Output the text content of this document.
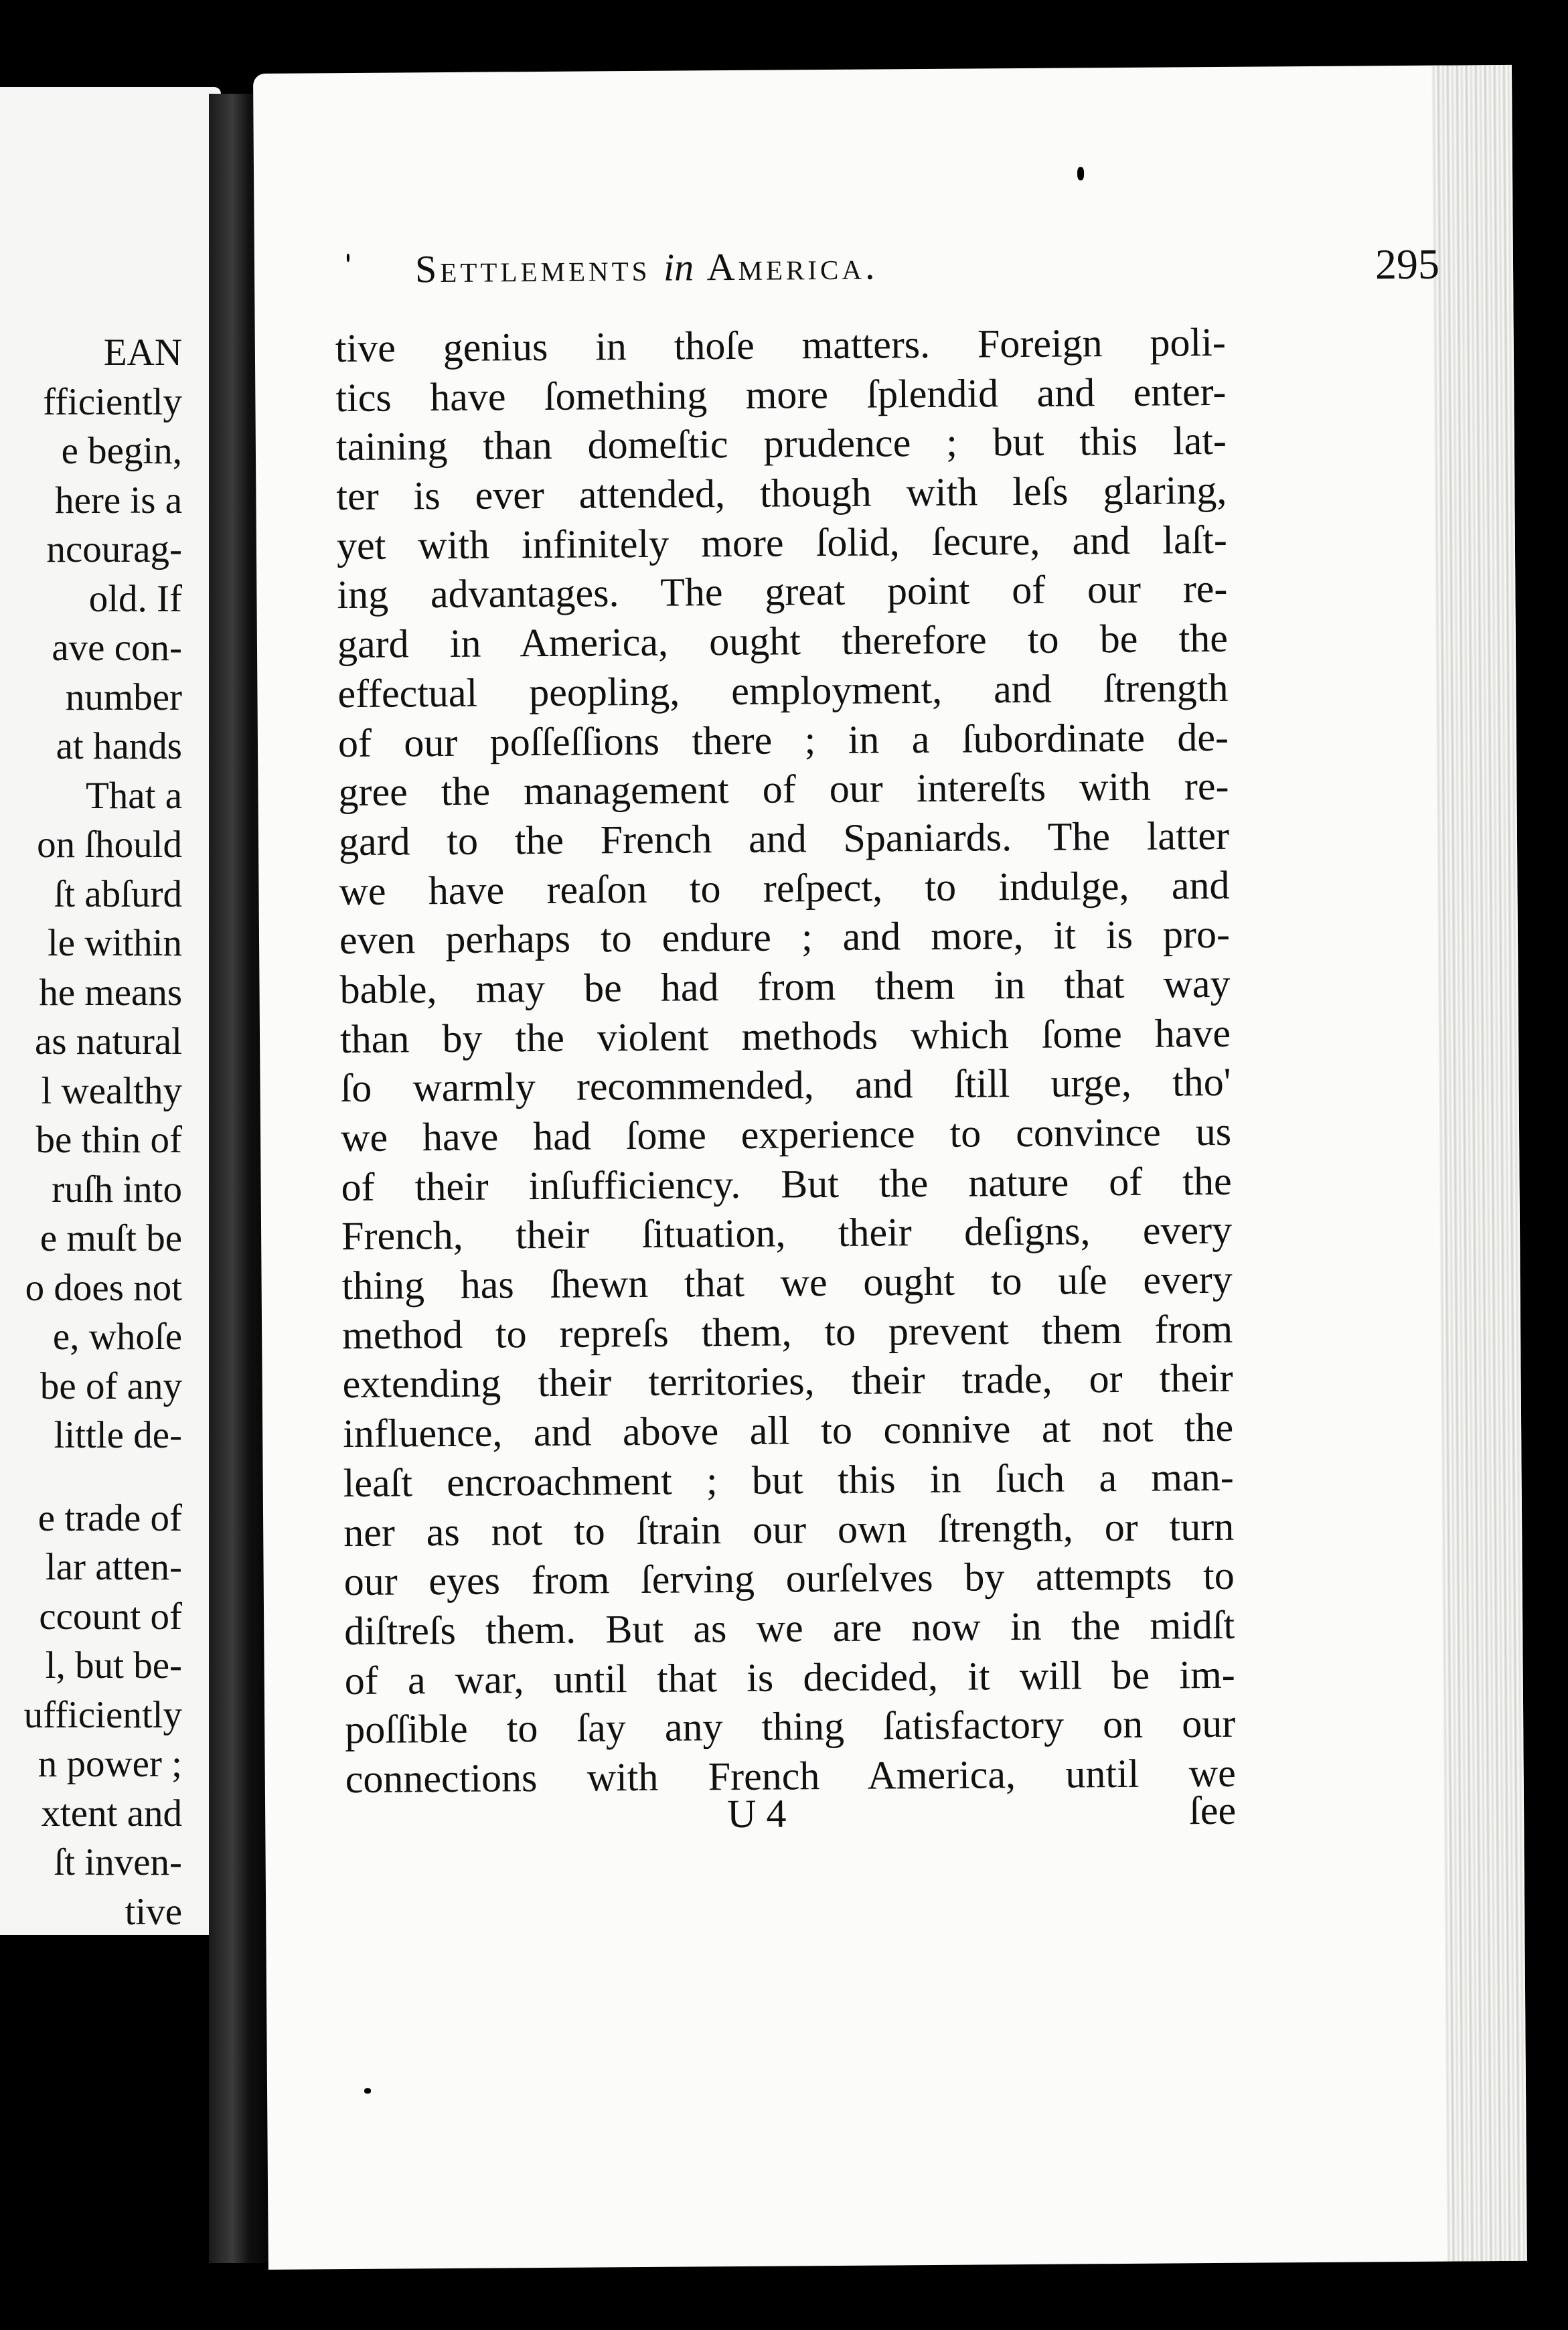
EAN
fficiently
e begin,
here is a
ncourag-
old. If
ave con-
number
at hands
That a
on ſhould
ſt abſurd
le within
he means
as natural
l wealthy
be thin of
ruſh into
e muſt be
o does not
e, whoſe
be of any
little de-
e trade of
lar atten-
ccount of
l, but be-
ufficiently
n power ;
xtent and
ſt inven-
tive
Settlements in America.	295
tive genius in thoſe matters. Foreign poli-
tics have ſomething more ſplendid and enter-
taining than domeſtic prudence ; but this lat-
ter is ever attended, though with leſs glaring,
yet with infinitely more ſolid, ſecure, and laſt-
ing advantages. The great point of our re-
gard in America, ought therefore to be the
effectual peopling, employment, and ſtrength
of our poſſeſſions there ; in a ſubordinate de-
gree the management of our intereſts with re-
gard to the French and Spaniards. The latter
we have reaſon to reſpect, to indulge, and
even perhaps to endure ; and more, it is pro-
bable, may be had from them in that way
than by the violent methods which ſome have
ſo warmly recommended, and ſtill urge, tho'
we have had ſome experience to convince us
of their inſufficiency. But the nature of the
French, their ſituation, their deſigns, every
thing has ſhewn that we ought to uſe every
method to repreſs them, to prevent them from
extending their territories, their trade, or their
influence, and above all to connive at not the
leaſt encroachment ; but this in ſuch a man-
ner as not to ſtrain our own ſtrength, or turn
our eyes from ſerving ourſelves by attempts to
diſtreſs them. But as we are now in the midſt
of a war, until that is decided, it will be im-
poſſible to ſay any thing ſatisfactory on our
connections with French America, until we
U 4	ſee
